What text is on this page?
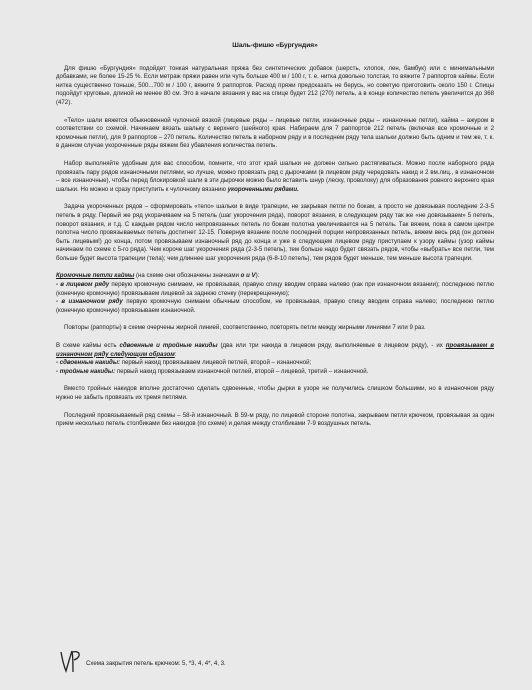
Шаль-фишю «Бургундия»

Для фишю «Бургундия» подойдет тонкая натуральная пряжа без синтетических добавок (шерсть, хлопок, лен, бамбук) или с минимальными добавками, не более 15-25 %. Если метраж пряжи равен или чуть больше 400 м / 100 г, т. е. нитка довольно толстая, то вяжите 7 раппортов каймы. Если нитка существенно тоньше, 500...700 м / 100 г, вяжите 9 раппортов. Расход пряжи предсказать не берусь, но советую приготовить около 150 г. Спицы подойдут круговые, длиной не менее 80 см. Это в начале вязания у вас на спице будет 212 (270) петель, а в конце количество петель увеличится до 368 (472).

«Тело» шали вяжется обыкновенной чулочной вязкой (лицевые ряды – лицевые петли, изнаночные ряды – изнаночные петли), кайма – ажуром в соответствии со схемой. Начинаем вязать шальку с верхнего (шейного) края. Набираем для 7 раппортов 212 петель (включая все кромочные и 2 кромочные петли), для 9 раппортов – 270 петель. Количество петель в наборном ряду и в последнем ряду тела шальки должно быть одним и тем же, т. к. в данном случае укороченные ряды вяжем без убавления количества петель.

Набор выполняйте удобным для вас способом, помните, что этот край шальки не должен сильно растягиваться. Можно после наборного ряда провязать пару рядов изнаночными петлями, но лучше, можно провязать ряд с дырочками (в лицевом ряду чередовать накид и 2 вм.лиц., в изнаночном – все изнаночные), чтобы перед блокировкой шали в эти дырочки можно было вставить шнур (леску, проволоку) для образования ровного верхнего края шальки. Но можно и сразу приступить к чулочному вязанию укороченными рядами.

Задача укороченных рядов – сформировать «тело» шальки в виде трапеции, не закрывая петли по бокам, а просто не довязывая последние 2-3-5 петель в ряду. Первый же ряд укорачиваем на 5 петель (шаг укорочения ряда), поворот вязания, в следующем ряду так же «не довязываем» 5 петель, поворот вязания, и т.д. С каждым рядом число непровязанных петель по бокам полотна увеличивается на 5 петель. Так вяжем, пока в самом центре полотна число провязываемых петель достигнет 12-15. Повернув вязание после последней порции непровязанных петель, вяжем весь ряд (он должен быть лицевым!) до конца, потом провязываем изнаночный ряд до конца и уже в следующем лицевом ряду приступаем к узору каймы (узор каймы начинаем по схеме с 5-го ряда). Чем короче шаг укорочения ряда (2-3-5 петель), тем больше надо будет связать рядов, чтобы «выбрать» все петли, тем больше будет высота трапеции (тела); чем длиннее шаг укорочения ряда (6-8-10 петель), тем рядов будет меньше, тем меньше высота трапеции.

Кромочные петли каймы (на схеме они обозначены значками o и V):
- в лицевом ряду первую кромочную снимаем, не провязывая, правую спицу вводим справа налево (как при изнаночном вязании); последнюю петлю (конечную кромочную) провязываем лицевой за заднюю стенку (перекрещенную);
- в изнаночном ряду первую кромочную снимаем обычным способом, не провязывая, правую спицу вводим справа налево; последнюю петлю (конечную кромочную) провязываем изнаночной.

Повторы (раппорты) в схеме очерчены жирной линией, соответственно, повторять петли между жирными линиями 7 или 9 раз.

В схеме каймы есть сдвоенные и тройные накиды (два или три накида в лицевом ряду, выполняемые в лицевом ряду), - их провязываем в изнаночном ряду следующим образом:
- сдвоенные накиды: первый накид провязываем лицевой петлей, второй – изнаночной;
- тройные накиды: первый накид провязываем изнаночной петлей, второй – лицевой, третий – изнаночной.

Вместо тройных накидов вполне достаточно сделать сдвоенные, чтобы дырки в узоре не получились слишком большими, но в изнаночном ряду нужно не забыть провязать их тремя петлями.

Последний провязываемый ряд схемы – 58-й изнаночный. В 59-м ряду, по лицевой стороне полотна, закрываем петли крючком, провязывая за один прием несколько петель столбиками без накидов (по схеме) и делая между столбиками 7-9 воздушных петель.

Схема закрытия петель крючком: 5, *3, 4, 4*, 4, 3.
